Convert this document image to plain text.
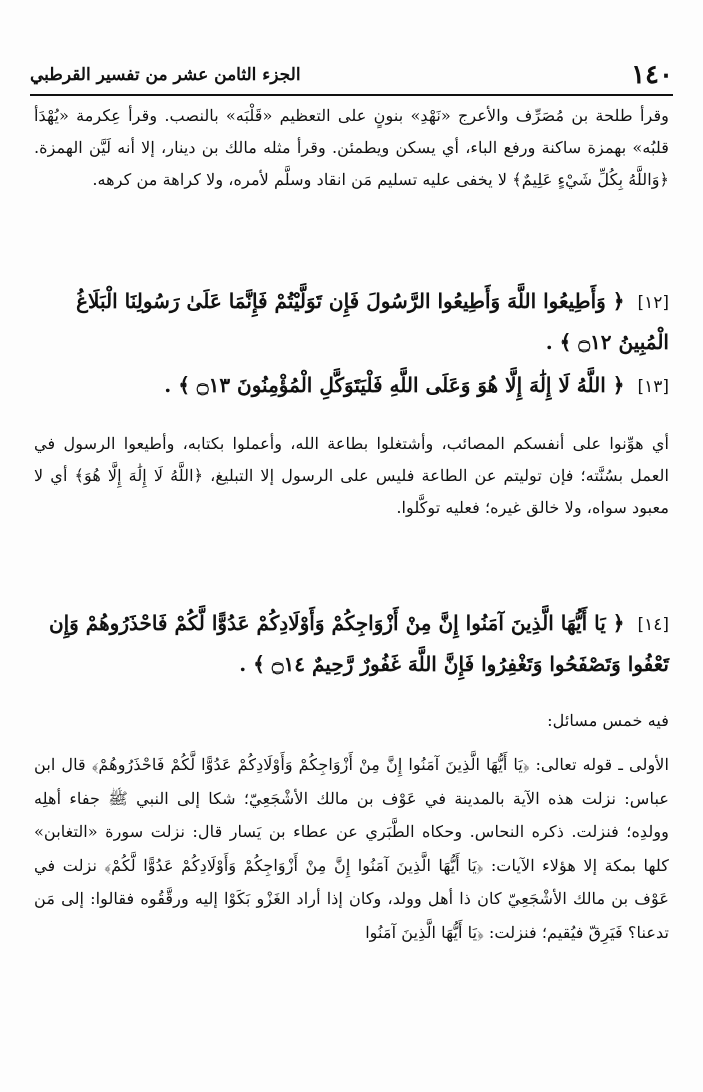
١٤٠
الجزء الثامن عشر من تفسير القرطبي

وقرأ طلحة بن مُصَرِّف والأعرج «نَهْدِ» بنونٍ على التعظيم «قَلْبَه» بالنصب. وقرأ عِكرمة «يُهْدَأ قلبُه» بهمزة ساكنة ورفع الباء، أي يسكن ويطمئن. وقرأ مثله مالك بن دينار، إلا أنه لَيَّن الهمزة. ﴿وَاللَّهُ بِكُلِّ شَيْءٍ عَلِيمٌ﴾ لا يخفى عليه تسليم مَن انقاد وسلَّم لأمره، ولا كراهة من كرهه.

[١٢] ﴿ وَأَطِيعُوا اللَّهَ وَأَطِيعُوا الرَّسُولَ فَإِن تَوَلَّيْتُمْ فَإِنَّمَا عَلَىٰ رَسُولِنَا الْبَلَاغُ الْمُبِينُ ۝١٢ ﴾ .

[١٣] ﴿ اللَّهُ لَا إِلَٰهَ إِلَّا هُوَ وَعَلَى اللَّهِ فَلْيَتَوَكَّلِ الْمُؤْمِنُونَ ۝١٣ ﴾ .

أي هوِّنوا على أنفسكم المصائب، وأشتغلوا بطاعة الله، وأعملوا بكتابه، وأطيعوا الرسول في العمل بسُنَّته؛ فإن توليتم عن الطاعة فليس على الرسول إلا التبليغ، ﴿اللَّهُ لَا إِلَٰهَ إِلَّا هُوَ﴾ أي لا معبود سواه، ولا خالق غيره؛ فعليه توكَّلوا.

[١٤] ﴿ يَا أَيُّهَا الَّذِينَ آمَنُوا إِنَّ مِنْ أَزْوَاجِكُمْ وَأَوْلَادِكُمْ عَدُوًّا لَّكُمْ فَاحْذَرُوهُمْ وَإِن تَعْفُوا وَتَصْفَحُوا وَتَغْفِرُوا فَإِنَّ اللَّهَ غَفُورٌ رَّحِيمٌ ۝١٤ ﴾ .

فيه خمس مسائل:

الأولى ـ قوله تعالى: ﴿يَا أَيُّهَا الَّذِينَ آمَنُوا إِنَّ مِنْ أَزْوَاجِكُمْ وَأَوْلَادِكُمْ عَدُوًّا لَّكُمْ فَاحْذَرُوهُمْ﴾ قال ابن عباس: نزلت هذه الآية بالمدينة في عَوْف بن مالك الأشْجَعِيّ؛ شكا إلى النبي ﷺ جفاء أهلِه وولدِه؛ فنزلت. ذكره النحاس. وحكاه الطَّبَري عن عطاء بن يَسار قال: نزلت سورة «التغابن» كلها بمكة إلا هؤلاء الآيات: ﴿يَا أَيُّهَا الَّذِينَ آمَنُوا إِنَّ مِنْ أَزْوَاجِكُمْ وَأَوْلَادِكُمْ عَدُوًّا لَّكُمْ﴾ نزلت في عَوْف بن مالك الأشْجَعِيّ كان ذا أهل وولد، وكان إذا أراد الغَزْو بَكَوْا إليه ورقَّقُوه فقالوا: إلى مَن تدعنا؟ فَيَرِقّ فيُقيم؛ فنزلت: ﴿يَا أَيُّهَا الَّذِينَ آمَنُوا
